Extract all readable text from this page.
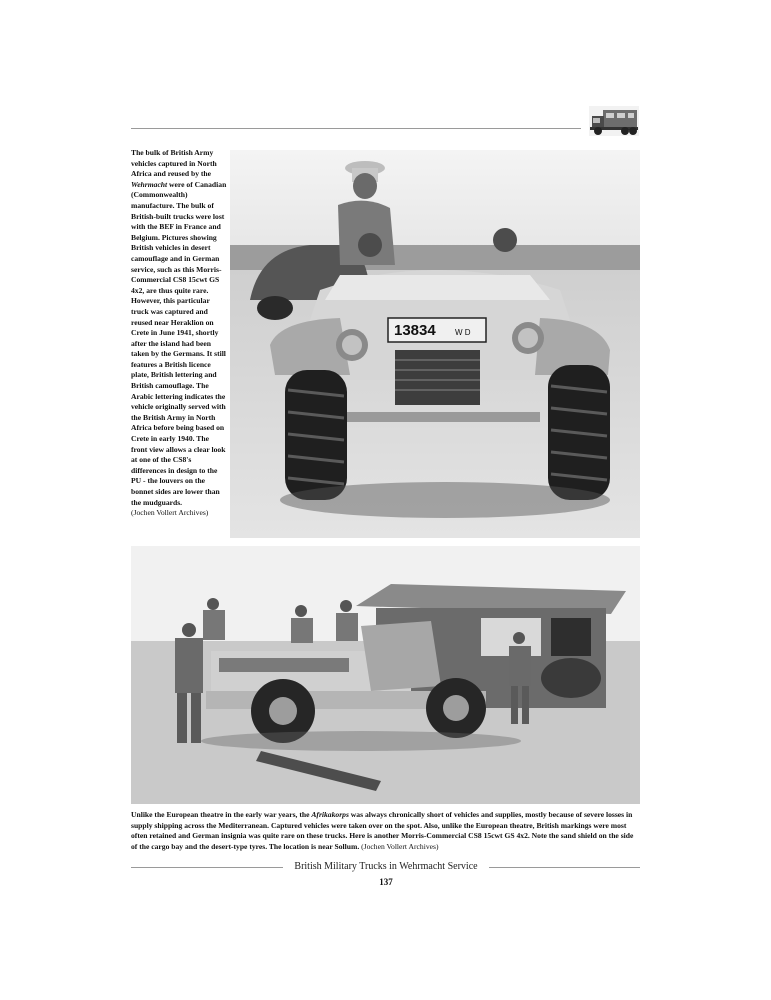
The bulk of British Army vehicles captured in North Africa and reused by the Wehrmacht were of Canadian (Commonwealth) manufacture. The bulk of British-built trucks were lost with the BEF in France and Belgium. Pictures showing British vehicles in desert camouflage and in German service, such as this Morris-Commercial CS8 15cwt GS 4x2, are thus quite rare. However, this particular truck was captured and reused near Heraklion on Crete in June 1941, shortly after the island had been taken by the Germans. It still features a British licence plate, British lettering and British camouflage. The Arabic lettering indicates the vehicle originally served with the British Army in North Africa before being based on Crete in early 1940. The front view allows a clear look at one of the CS8's differences in design to the PU - the louvers on the bonnet sides are lower than the mudguards.
(Jochen Vollert Archives)

13834 W D

Unlike the European theatre in the early war years, the Afrikakorps was always chronically short of vehicles and supplies, mostly because of severe losses in supply shipping across the Mediterranean. Captured vehicles were taken over on the spot. Also, unlike the European theatre, British markings were most often retained and German insignia was quite rare on these trucks. Here is another Morris-Commercial CS8 15cwt GS 4x2. Note the sand shield on the side of the cargo bay and the desert-type tyres. The location is near Sollum. (Jochen Vollert Archives)

British Military Trucks in Wehrmacht Service
137
